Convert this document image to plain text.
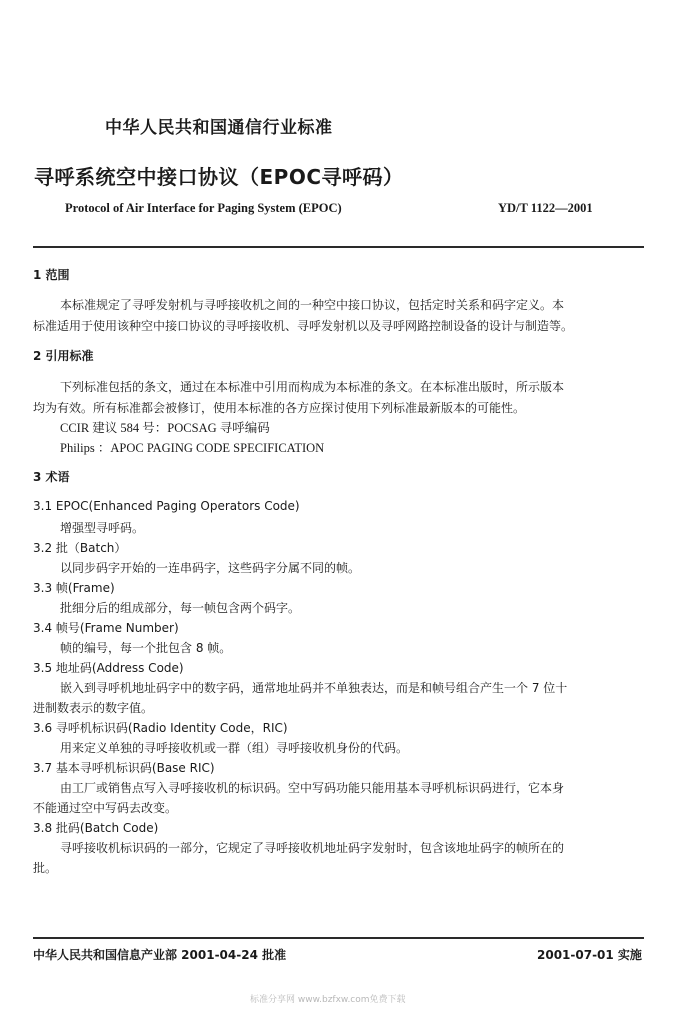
中华人民共和国通信行业标准
寻呼系统空中接口协议（EPOC寻呼码）
Protocol of Air Interface for Paging System (EPOC)	YD/T 1122—2001
1 范围
本标准规定了寻呼发射机与寻呼接收机之间的一种空中接口协议，包括定时关系和码字定义。本
标准适用于使用该种空中接口协议的寻呼接收机、寻呼发射机以及寻呼网路控制设备的设计与制造等。
2 引用标准
下列标准包括的条文，通过在本标准中引用而构成为本标准的条文。在本标准出版时，所示版本
均为有效。所有标准都会被修订，使用本标准的各方应探讨使用下列标准最新版本的可能性。
CCIR 建议 584 号：POCSAG 寻呼编码
Philips ：APOC PAGING CODE SPECIFICATION
3 术语
3.1 EPOC(Enhanced Paging Operators Code)
增强型寻呼码。
3.2 批（Batch）
以同步码字开始的一连串码字，这些码字分属不同的帧。
3.3 帧(Frame)
批细分后的组成部分，每一帧包含两个码字。
3.4 帧号(Frame Number)
帧的编号，每一个批包含 8 帧。
3.5 地址码(Address Code)
嵌入到寻呼机地址码字中的数字码，通常地址码并不单独表达，而是和帧号组合产生一个 7 位十
进制数表示的数字值。
3.6 寻呼机标识码(Radio Identity Code，RIC)
用来定义单独的寻呼接收机或一群（组）寻呼接收机身份的代码。
3.7 基本寻呼机标识码(Base RIC)
由工厂或销售点写入寻呼接收机的标识码。空中写码功能只能用基本寻呼机标识码进行，它本身
不能通过空中写码去改变。
3.8 批码(Batch Code)
寻呼接收机标识码的一部分，它规定了寻呼接收机地址码字发射时，包含该地址码字的帧所在的
批。
中华人民共和国信息产业部 2001-04-24 批准	2001-07-01 实施
标准分享网 www.bzfxw.com免费下载
